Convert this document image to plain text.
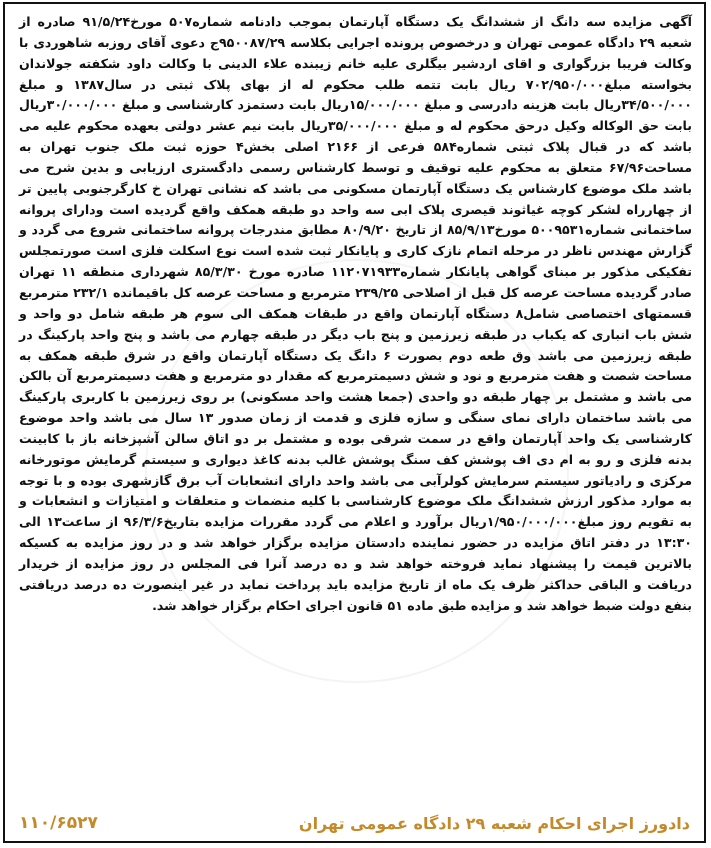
آگهی مزایده سه دانگ از ششدانگ یک دستگاه آپارتمان بموجب دادنامه شماره۵۰۷ مورخ۹۱/۵/۲۴ صادره از شعبه ۲۹ دادگاه عمومی تهران و درخصوص پرونده اجرایی بکلاسه ۹۵۰۰۸۷/۲۹ج دعوی آقای روزبه شاهوردی با وکالت فریبا بزرگواری و اقای اردشیر بیگلری علیه خانم زیبنده علاء الدینی با وکالت داود شکفته جولاندان بخواسته مبلغ۷۰۲/۹۵۰/۰۰۰ ریال بابت تتمه طلب محکوم له از بهای پلاک ثبتی در سال۱۳۸۷ و مبلغ ۳۴/۵۰۰/۰۰۰ریال بابت هزینه دادرسی و مبلغ ۱۵/۰۰۰/۰۰۰ریال بابت دستمزد کارشناسی و مبلغ ۳۰/۰۰۰/۰۰۰ریال بابت حق الوکاله وکیل درحق محکوم له و مبلغ ۳۵/۰۰۰/۰۰۰ریال بابت نیم عشر دولتی بعهده محکوم علیه می باشد که در قبال پلاک ثبتی شماره۵۸۴ فرعی از ۲۱۶۶ اصلی بخش۴ حوزه ثبت ملک جنوب تهران به مساحت۶۷/۹۶ متعلق به محکوم علیه توقیف و توسط کارشناس رسمی دادگستری ارزیابی و بدین شرح می باشد ملک موضوع کارشناس یک دستگاه آپارتمان مسکونی می باشد که نشانی تهران خ کارگرجنوبی پایین تر از چهارراه لشکر کوچه غیاثوند قیصری پلاک ابی سه واحد دو طبقه همکف واقع گردیده است ودارای پروانه ساختمانی شماره۵۰۰۹۵۳۱ مورخ۸۵/۹/۱۳ از تاریخ ۸۰/۹/۲۰ مطابق مندرجات پروانه ساختمانی شروع می گردد و گزارش مهندس ناظر در مرحله اتمام نازک کاری و پایانکار ثبت شده است نوع اسکلت فلزی است صورتمجلس تفکیکی مذکور بر مبنای گواهی پایانکار شماره۱۱۲۰۷۱۹۳۳ صادره مورخ ۸۵/۳/۳۰ شهرداری منطقه ۱۱ تهران صادر گردیده مساحت عرصه کل قبل از اصلاحی ۲۳۹/۲۵ مترمربع و مساحت عرصه کل باقیمانده ۲۳۲/۱ مترمربع قسمتهای اختصاصی شامل۸ دستگاه آپارتمان واقع در طبقات همکف الی سوم هر طبقه شامل دو واحد و شش باب انباری که یکباب در طبقه زیرزمین و پنج باب دیگر در طبقه چهارم می باشد و پنج واحد پارکینگ در طبقه زیرزمین می باشد وق طعه دوم بصورت ۶ دانگ یک دستگاه آپارتمان واقع در شرق طبقه همکف به مساحت شصت و هفت مترمربع و نود و شش دسیمترمربع که مقدار دو مترمربع و هفت دسیمترمربع آن بالکن می باشد و مشتمل بر چهار طبقه دو واحدی (جمعا هشت واحد مسکونی) بر روی زیرزمین با کاربری پارکینگ می باشد ساختمان دارای نمای سنگی و سازه فلزی و قدمت از زمان صدور ۱۳ سال می باشد واحد موضوع کارشناسی یک واحد آپارتمان واقع در سمت شرقی بوده و مشتمل بر دو اتاق سالن آشپزخانه باز با کابینت بدنه فلزی و رو به ام دی اف پوشش کف سنگ پوشش غالب بدنه کاغذ دیواری و سیستم گرمایش موتورخانه مرکزی و رادیاتور سیستم سرمایش کولرآبی می باشد واحد دارای انشعابات آب برق گازشهری بوده و با توجه به موارد مذکور ارزش ششدانگ ملک موضوع کارشناسی با کلیه منضمات و متعلقات و امتیازات و انشعابات و به تقویم روز مبلغ۱/۹۵۰/۰۰۰/۰۰۰ریال برآورد و اعلام می گردد مقررات مزایده بتاریخ۹۶/۳/۶ از ساعت۱۳ الی ۱۳:۳۰ در دفتر اتاق مزایده در حضور نماینده دادستان مزایده برگزار خواهد شد و در روز مزایده به کسیکه بالاترین قیمت را پیشنهاد نماید فروخته خواهد شد و ده درصد آنرا فی المجلس در روز مزایده از خریدار دریافت و الباقی حداکثر ظرف یک ماه از تاریخ مزایده باید پرداخت نماید در غیر اینصورت ده درصد دریافتی بنفع دولت ضبط خواهد شد و مزایده طبق ماده ۵۱ قانون اجرای احکام برگزار خواهد شد.

دادورز اجرای احکام شعبه ۲۹ دادگاه عمومی تهران
۱۱۰/۶۵۲۷
